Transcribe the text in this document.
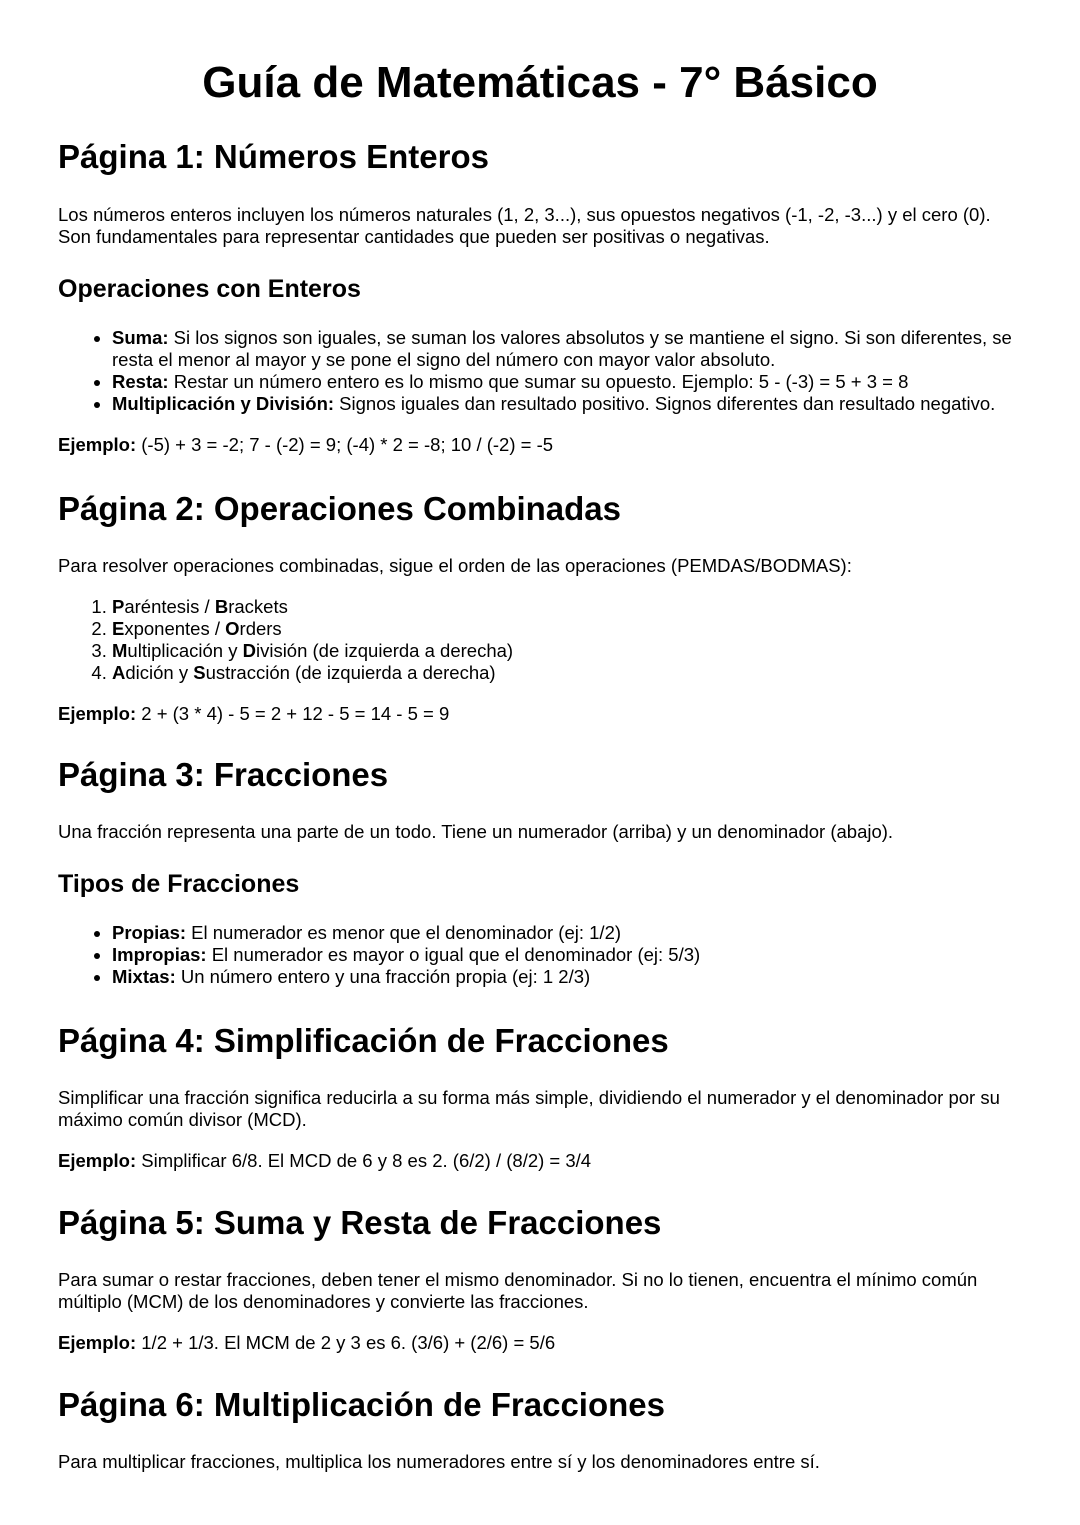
Guía de Matemáticas - 7° Básico
Página 1: Números Enteros

Los números enteros incluyen los números naturales (1, 2, 3...), sus opuestos negativos (-1, -2, -3...) y el cero (0). Son fundamentales para representar cantidades que pueden ser positivas o negativas.

Operaciones con Enteros
• Suma: Si los signos son iguales, se suman los valores absolutos y se mantiene el signo. Si son diferentes, se resta el menor al mayor y se pone el signo del número con mayor valor absoluto.
• Resta: Restar un número entero es lo mismo que sumar su opuesto. Ejemplo: 5 - (-3) = 5 + 3 = 8
• Multiplicación y División: Signos iguales dan resultado positivo. Signos diferentes dan resultado negativo.

Ejemplo: (-5) + 3 = -2; 7 - (-2) = 9; (-4) * 2 = -8; 10 / (-2) = -5

Página 2: Operaciones Combinadas

Para resolver operaciones combinadas, sigue el orden de las operaciones (PEMDAS/BODMAS):

1. Paréntesis / Brackets
2. Exponentes / Orders
3. Multiplicación y División (de izquierda a derecha)
4. Adición y Sustracción (de izquierda a derecha)

Ejemplo: 2 + (3 * 4) - 5 = 2 + 12 - 5 = 14 - 5 = 9

Página 3: Fracciones

Una fracción representa una parte de un todo. Tiene un numerador (arriba) y un denominador (abajo).

Tipos de Fracciones
• Propias: El numerador es menor que el denominador (ej: 1/2)
• Impropias: El numerador es mayor o igual que el denominador (ej: 5/3)
• Mixtas: Un número entero y una fracción propia (ej: 1 2/3)
Página 4: Simplificación de Fracciones

Simplificar una fracción significa reducirla a su forma más simple, dividiendo el numerador y el denominador por su máximo común divisor (MCD).

Ejemplo: Simplificar 6/8. El MCD de 6 y 8 es 2. (6/2) / (8/2) = 3/4

Página 5: Suma y Resta de Fracciones

Para sumar o restar fracciones, deben tener el mismo denominador. Si no lo tienen, encuentra el mínimo común múltiplo (MCM) de los denominadores y convierte las fracciones.

Ejemplo: 1/2 + 1/3. El MCM de 2 y 3 es 6. (3/6) + (2/6) = 5/6

Página 6: Multiplicación de Fracciones

Para multiplicar fracciones, multiplica los numeradores entre sí y los denominadores entre sí.
